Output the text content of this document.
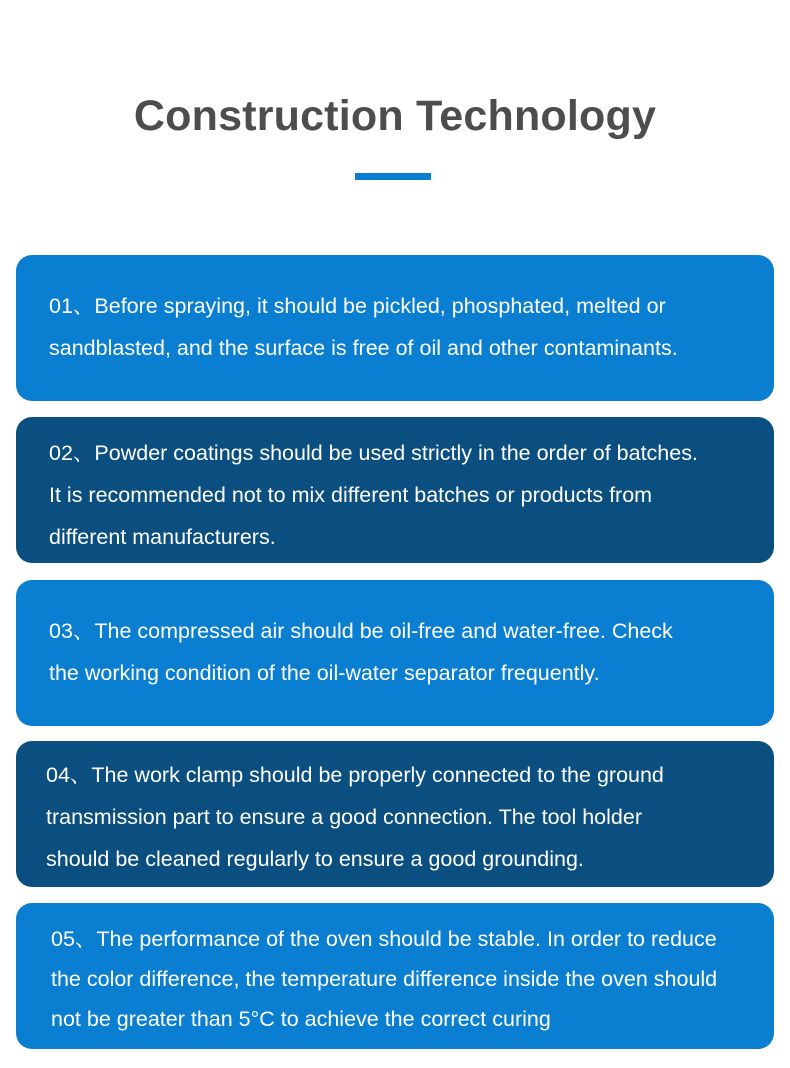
Construction Technology

01、Before spraying, it should be pickled, phosphated, melted or

sandblasted, and the surface is free of oil and other contaminants.

02、Powder coatings should be used strictly in the order of batches.

It is recommended not to mix different batches or products from

different manufacturers.

03、The compressed air should be oil-free and water-free. Check

the working condition of the oil-water separator frequently.

04、The work clamp should be properly connected to the ground

transmission part to ensure a good connection. The tool holder

should be cleaned regularly to ensure a good grounding.

05、The performance of the oven should be stable. In order to reduce

the color difference, the temperature difference inside the oven should

not be greater than 5°C to achieve the correct curing
